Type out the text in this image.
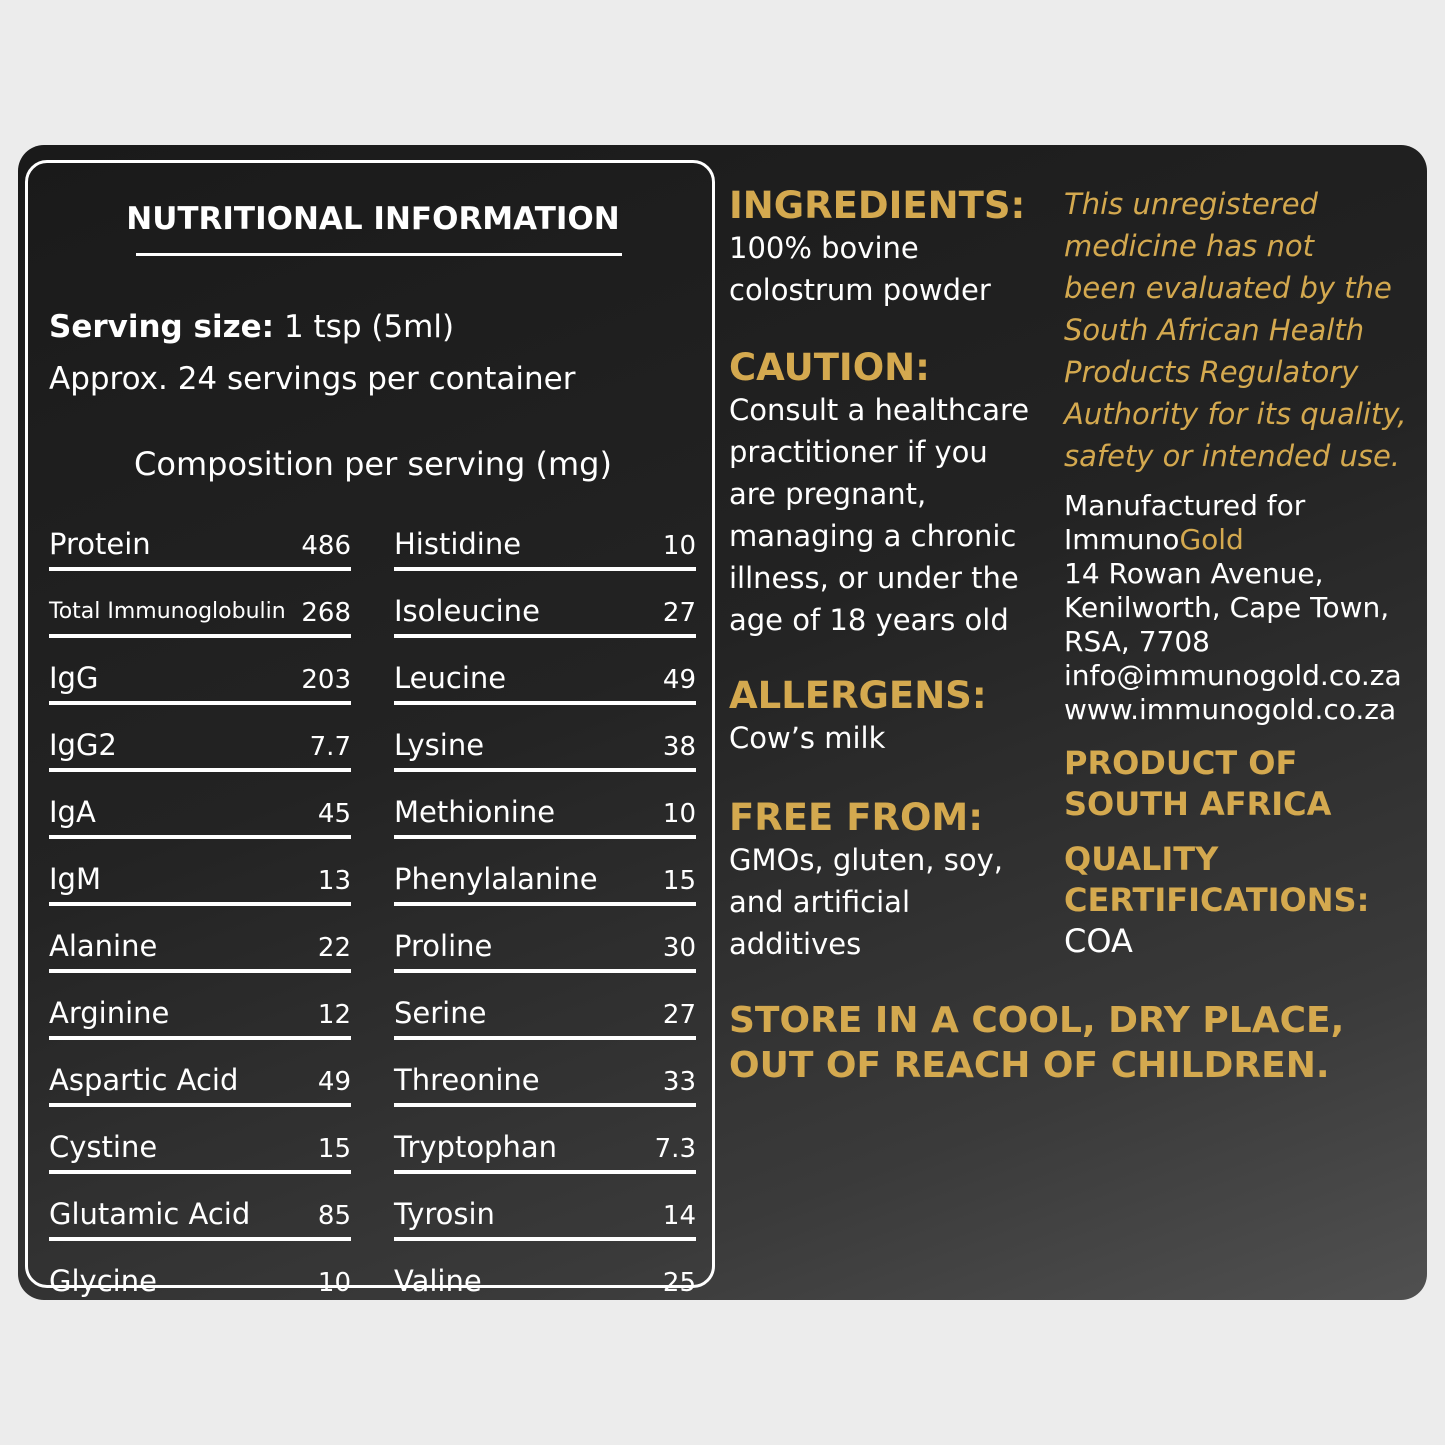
NUTRITIONAL INFORMATION
Serving size: 1 tsp (5ml)
Approx. 24 servings per container
Composition per serving (mg)
Protein	486
Total Immunoglobulin 268
IgG	203
IgG2	7.7
IgA	45
IgM	13
Alanine	22
Arginine	12
Aspartic Acid	49
Cystine	15
Glutamic Acid	85
Glycine	10
Histidine	10
Isoleucine	27
Leucine	49
Lysine	38
Methionine	10
Phenylalanine	15
Proline	30
Serine	27
Threonine	33
Tryptophan	7.3
Tyrosin	14
Valine	25
INGREDIENTS:

100% bovine

colostrum powder

CAUTION:

Consult a healthcare

practitioner if you

are pregnant,

managing a chronic

illness, or under the

age of 18 years old

ALLERGENS:

Cow’s milk

FREE FROM:

GMOs, gluten, soy,

and artificial

additives

This unregistered
medicine has not
been evaluated by the
South African Health
Products Regulatory
Authority for its quality,
safety or intended use.
Manufactured for
ImmunoGold
14 Rowan Avenue,
Kenilworth, Cape Town,
RSA, 7708
info@immunogold.co.za
www.immunogold.co.za
PRODUCT OF
SOUTH AFRICA
QUALITY
CERTIFICATIONS:
COA
STORE IN A COOL, DRY PLACE,
OUT OF REACH OF CHILDREN.
